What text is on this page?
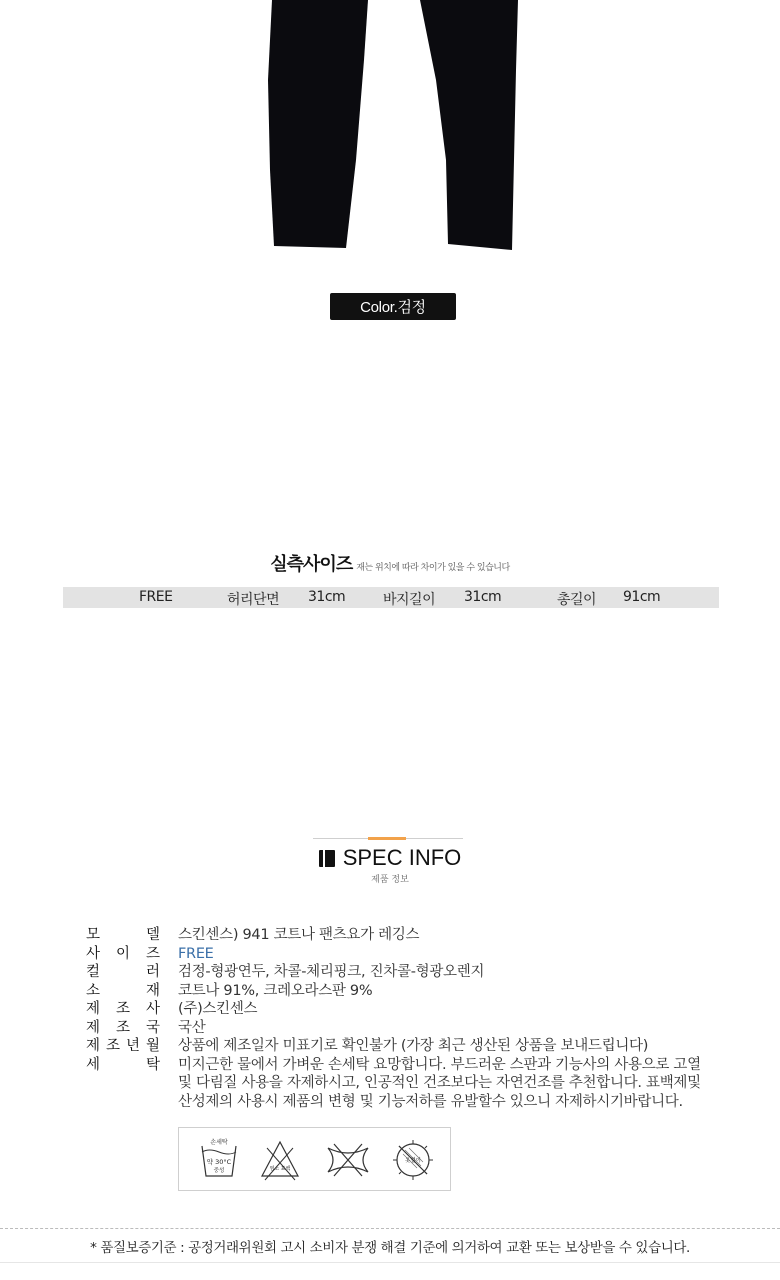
Color.검정
실측사이즈 재는 위치에 따라 차이가 있을 수 있습니다
FREE	허리단면 31cm	바지길이 31cm	총길이 91cm
SPEC INFO
제품 정보
모	델 스킨센스) 941 코트나 팬츠요가 레깅스
사 이 즈 FREE
컬	러 검정-형광연두, 차콜-체리핑크, 진차콜-형광오렌지
소	재 코트나 91%, 크레오라스판 9%
제 조 사 (주)스킨센스
제 조 국 국산
제 조 년 월 상품에 제조일자 미표기로 확인불가 (가장 최근 생산된 상품을 보내드립니다)
세	탁 미지근한 물에서 가벼운 손세탁 요망합니다. 부드러운 스판과 기능사의 사용으로 고열 및 다림질 사용을 자제하시고, 인공적인 건조보다는 자연건조를 추천합니다. 표백제및 산성제의 사용시 제품의 변형 및 기능저하를 유발할수 있으니 자제하시기바랍니다.
손세탁
약 30°C
중성	염소 표백
옷걸이
* 품질보증기준 : 공정거래위원회 고시 소비자 분쟁 해결 기준에 의거하여 교환 또는 보상받을 수 있습니다.
